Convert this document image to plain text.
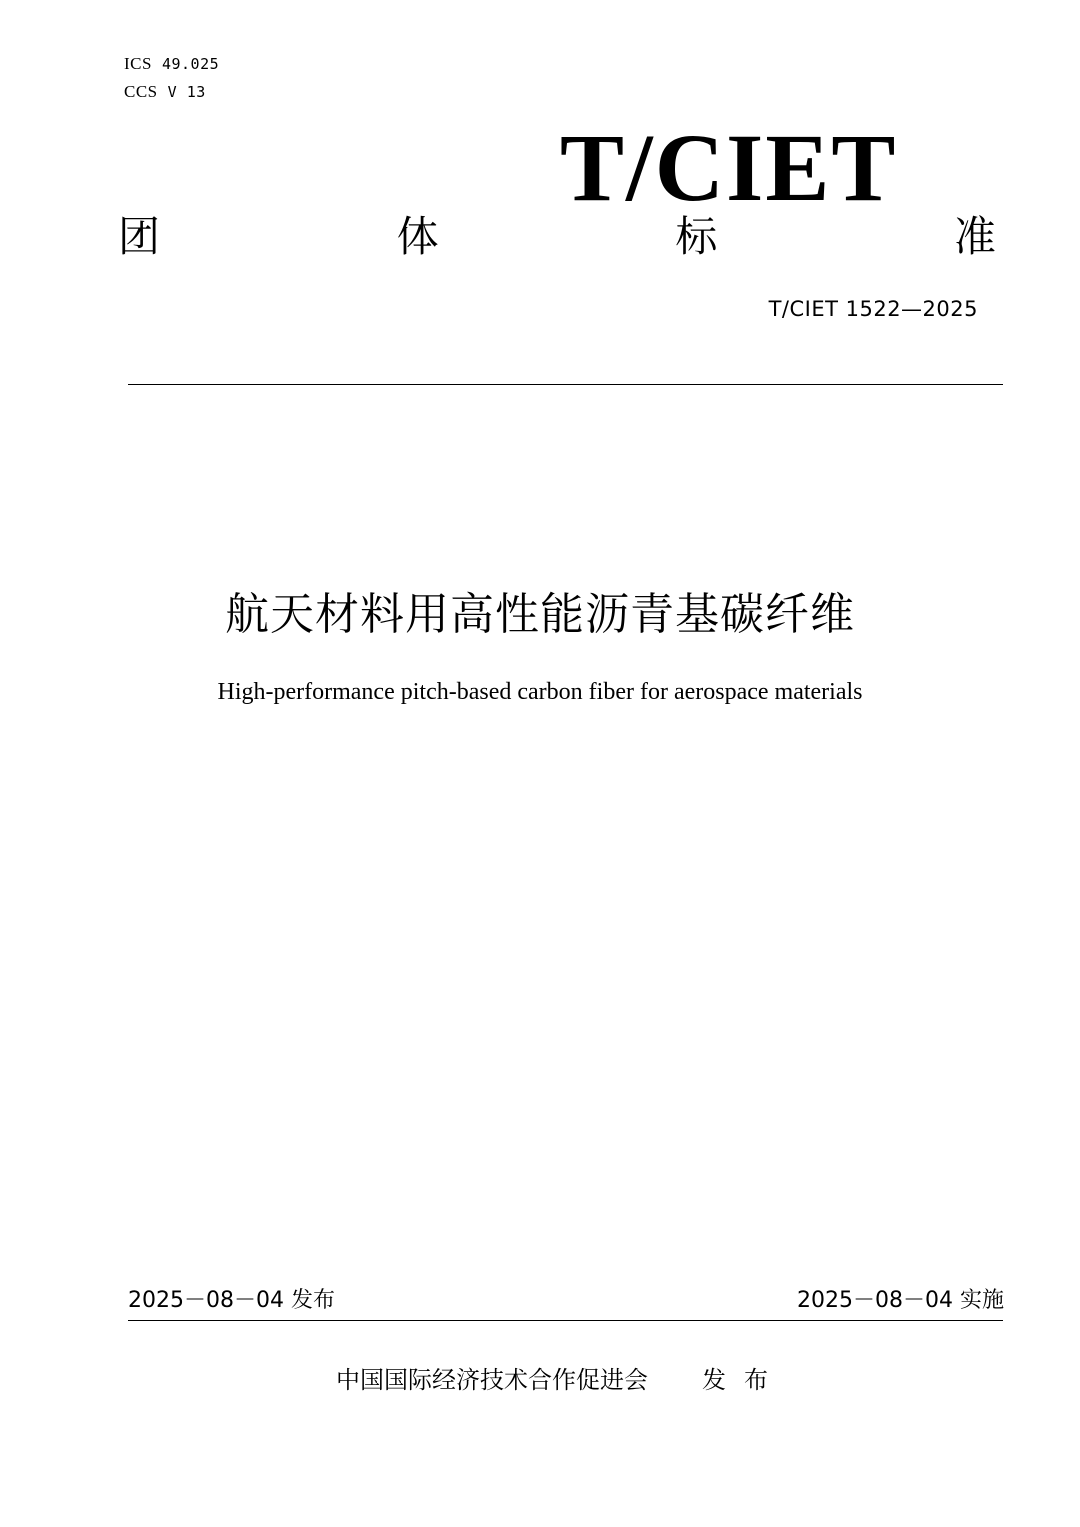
ICS 49.025
CCS V 13
T/CIET
团	体	标	准
T/CIET 1522—2025
航天材料用高性能沥青基碳纤维
High-performance pitch-based carbon fiber for aerospace materials
2025－08－04 发布	2025－08－04 实施
中国国际经济技术合作促进会 发布
